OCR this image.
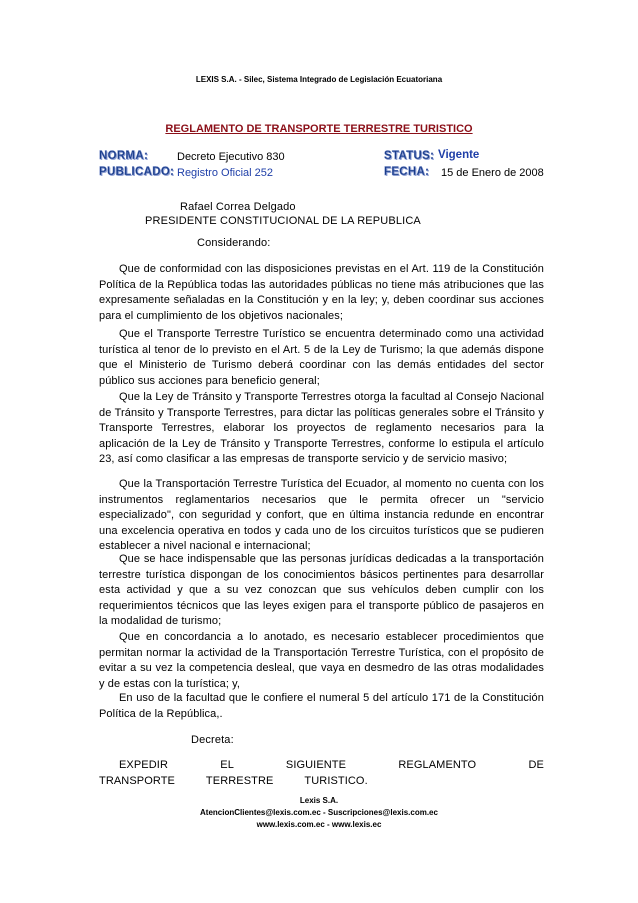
LEXIS S.A. - Silec, Sistema Integrado de Legislación Ecuatoriana
REGLAMENTO DE TRANSPORTE TERRESTRE TURISTICO
NORMA:	Decreto Ejecutivo 830
PUBLICADO: Registro Oficial 252
STATUS: Vigente
FECHA: 15 de Enero de 2008
Rafael Correa Delgado
PRESIDENTE CONSTITUCIONAL DE LA REPUBLICA
Considerando:
Que de conformidad con las disposiciones previstas en el Art. 119 de la Constitución Política de la República todas las autoridades públicas no tiene más atribuciones que las expresamente señaladas en la Constitución y en la ley; y, deben coordinar sus acciones para el cumplimiento de los objetivos nacionales;
Que el Transporte Terrestre Turístico se encuentra determinado como una actividad turística al tenor de lo previsto en el Art. 5 de la Ley de Turismo; la que además dispone que el Ministerio de Turismo deberá coordinar con las demás entidades del sector público sus acciones para beneficio general;
Que la Ley de Tránsito y Transporte Terrestres otorga la facultad al Consejo Nacional de Tránsito y Transporte Terrestres, para dictar las políticas generales sobre el Tránsito y Transporte Terrestres, elaborar los proyectos de reglamento necesarios para la aplicación de la Ley de Tránsito y Transporte Terrestres, conforme lo estipula el artículo 23, así como clasificar a las empresas de transporte servicio y de servicio masivo;
Que la Transportación Terrestre Turística del Ecuador, al momento no cuenta con los instrumentos reglamentarios necesarios que le permita ofrecer un "servicio especializado", con seguridad y confort, que en última instancia redunde en encontrar una excelencia operativa en todos y cada uno de los circuitos turísticos que se pudieren establecer a nivel nacional e internacional;
Que se hace indispensable que las personas jurídicas dedicadas a la transportación terrestre turística dispongan de los conocimientos básicos pertinentes para desarrollar esta actividad y que a su vez conozcan que sus vehículos deben cumplir con los requerimientos técnicos que las leyes exigen para el transporte público de pasajeros en la modalidad de turismo;
Que en concordancia a lo anotado, es necesario establecer procedimientos que permitan normar la actividad de la Transportación Terrestre Turística, con el propósito de evitar a su vez la competencia desleal, que vaya en desmedro de las otras modalidades y de estas con la turística; y,
En uso de la facultad que le confiere el numeral 5 del artículo 171 de la Constitución Política de la República,.
Decreta:
EXPEDIR EL SIGUIENTE REGLAMENTO DE TRANSPORTE TERRESTRE TURISTICO.
Lexis S.A.
AtencionClientes@lexis.com.ec - Suscripciones@lexis.com.ec
www.lexis.com.ec - www.lexis.ec
